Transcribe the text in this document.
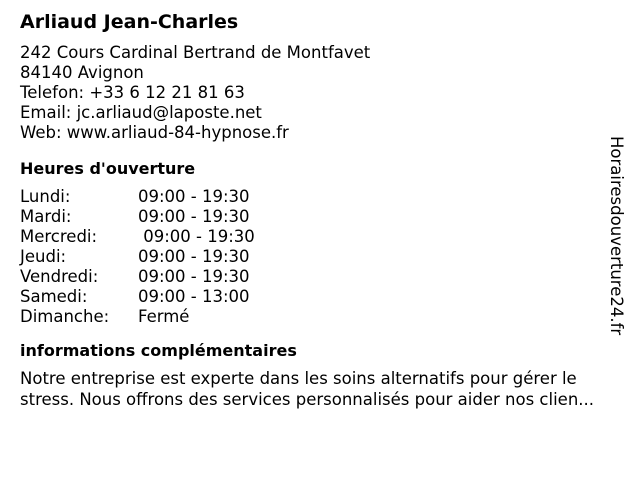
Arliaud Jean-Charles
242 Cours Cardinal Bertrand de Montfavet
84140 Avignon
Telefon: +33 6 12 21 81 63
Email: jc.arliaud@laposte.net
Web: www.arliaud-84-hypnose.fr
Heures d'ouverture
Lundi:	09:00 - 19:30
Mardi:	09:00 - 19:30
Mercredi:	09:00 - 19:30
Jeudi:	09:00 - 19:30
Vendredi:	09:00 - 19:30
Samedi:	09:00 - 13:00
Dimanche:	Fermé
informations complémentaires
Notre entreprise est experte dans les soins alternatifs pour gérer le
stress. Nous offrons des services personnalisés pour aider nos clien...
Horairesdouverture24.fr
